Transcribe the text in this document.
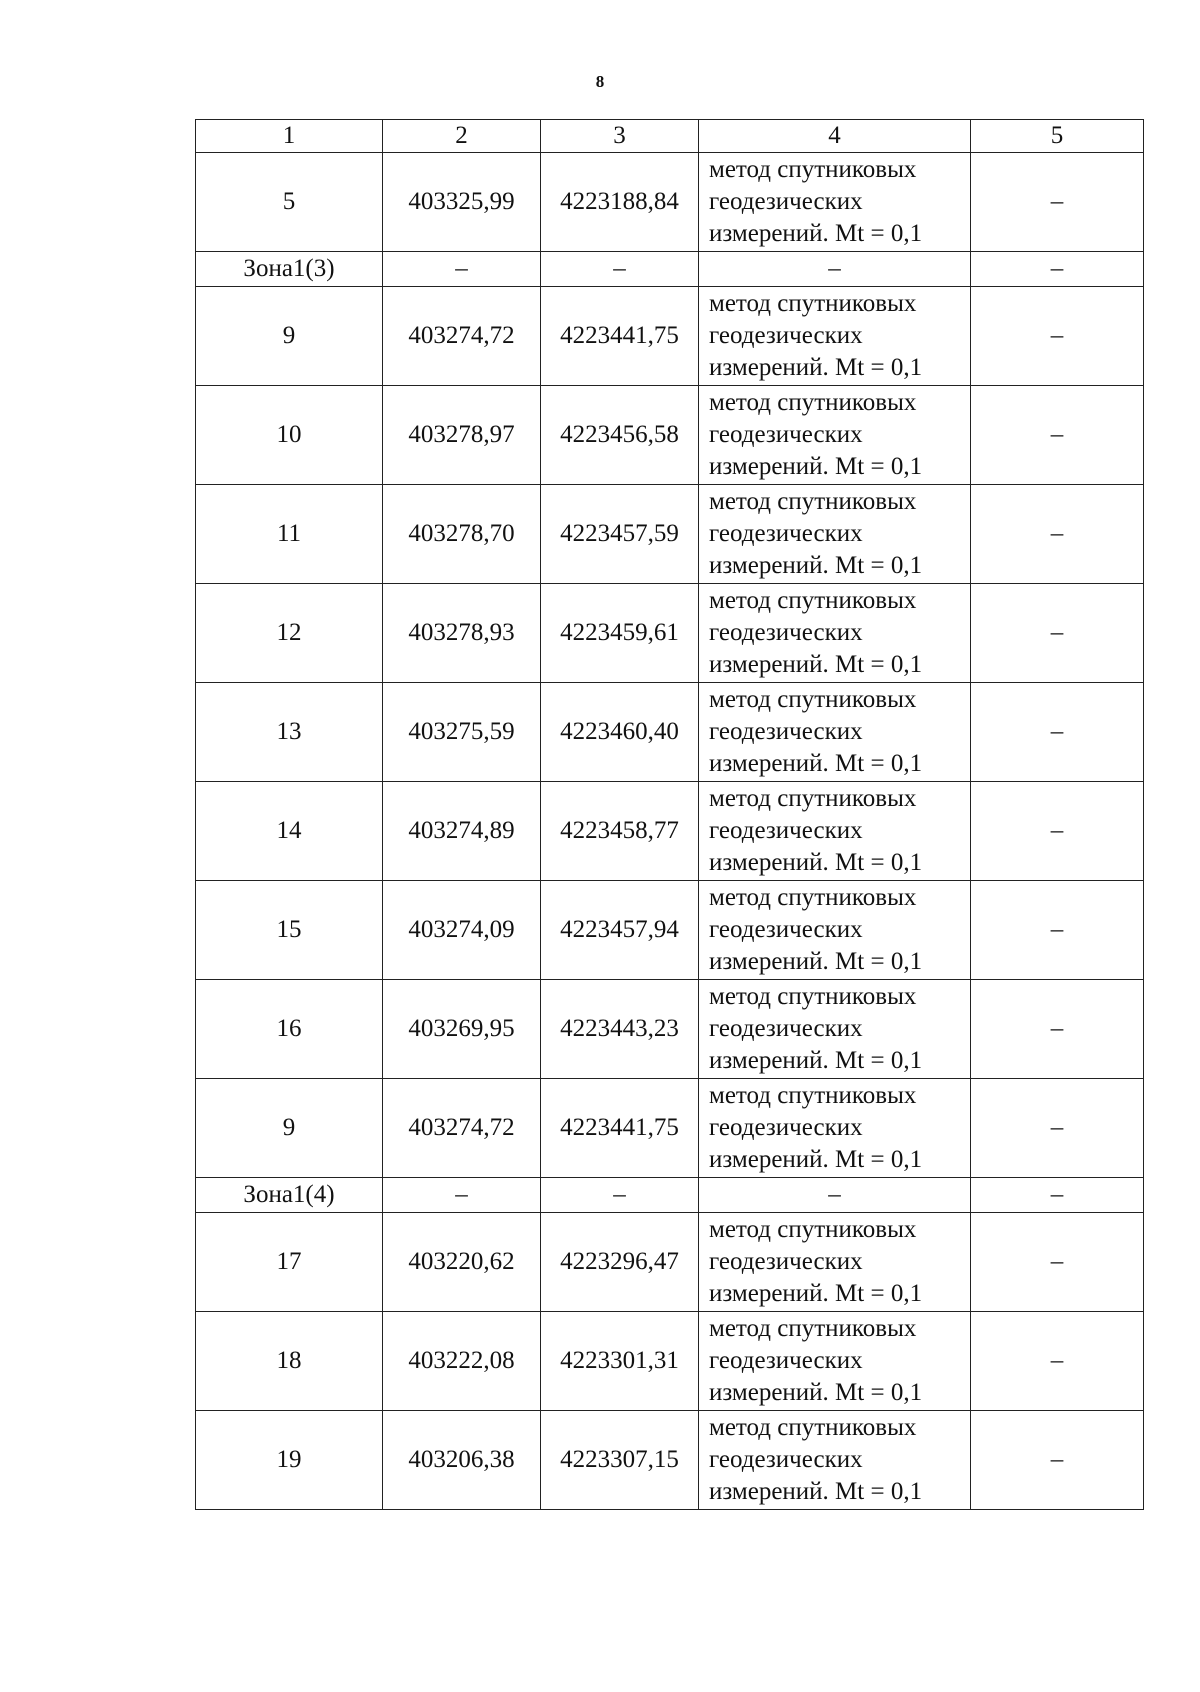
8
1	2	3	4	5
5	403325,99	4223188,84	метод спутниковых
геодезических
измерений. Mt = 0,1	–
Зона1(3)	–	–	–	–
9	403274,72	4223441,75	метод спутниковых
геодезических
измерений. Mt = 0,1	–
10	403278,97	4223456,58	метод спутниковых
геодезических
измерений. Mt = 0,1	–
11	403278,70	4223457,59	метод спутниковых
геодезических
измерений. Mt = 0,1	–
12	403278,93	4223459,61	метод спутниковых
геодезических
измерений. Mt = 0,1	–
13	403275,59	4223460,40	метод спутниковых
геодезических
измерений. Mt = 0,1	–
14	403274,89	4223458,77	метод спутниковых
геодезических
измерений. Mt = 0,1	–
15	403274,09	4223457,94	метод спутниковых
геодезических
измерений. Mt = 0,1	–
16	403269,95	4223443,23	метод спутниковых
геодезических
измерений. Mt = 0,1	–
9	403274,72	4223441,75	метод спутниковых
геодезических
измерений. Mt = 0,1	–
Зона1(4)	–	–	–	–
17	403220,62	4223296,47	метод спутниковых
геодезических
измерений. Mt = 0,1	–
18	403222,08	4223301,31	метод спутниковых
геодезических
измерений. Mt = 0,1	–
19	403206,38	4223307,15	метод спутниковых
геодезических
измерений. Mt = 0,1	–
